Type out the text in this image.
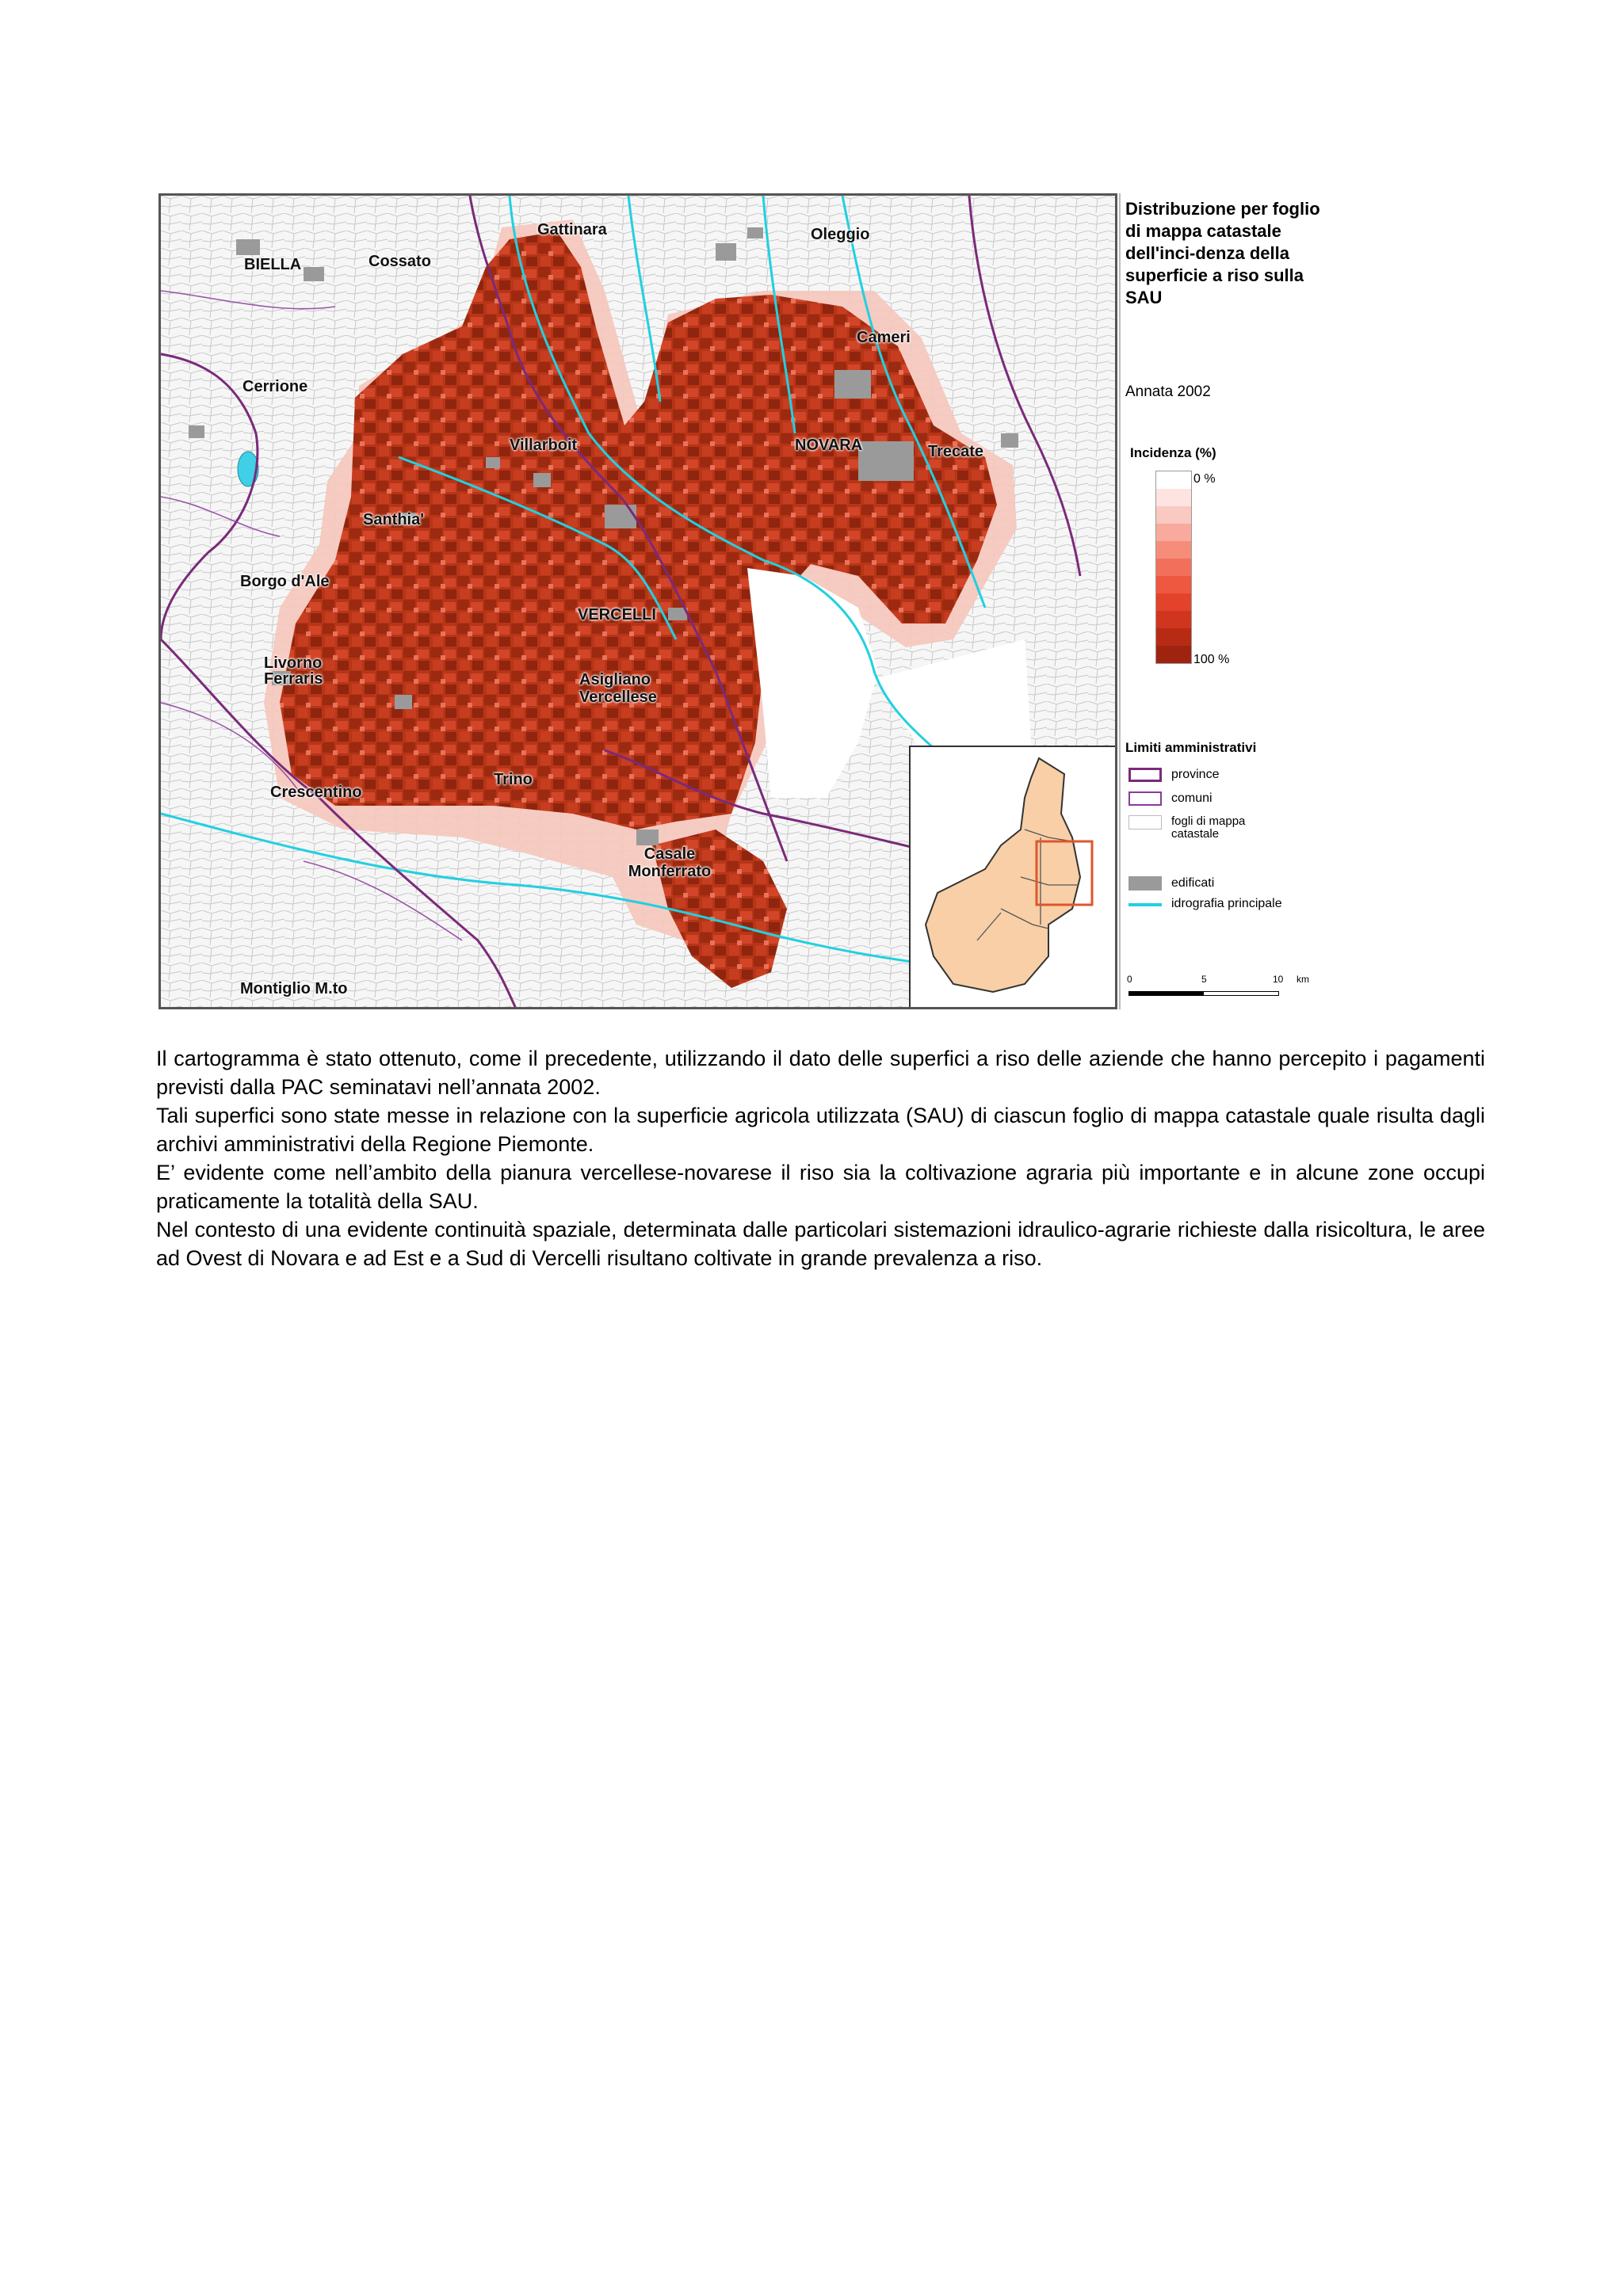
Gattinara	Oleggio
BIELLA	Cossato
Cameri
Cerrione
Villarboit	NOVARA	Trecate
Santhia'
Borgo d'Ale
VERCELLI
Livorno Ferraris	Asigliano Vercellese
Trino
Crescentino
Casale Monferrato
Montiglio M.to
Distribuzione per foglio di mappa catastale dell'inci-denza della superficie a riso sulla SAU
Annata 2002
Incidenza (%)
0 %
100 %
Limiti amministrativi
province
comuni
fogli di mappa catastale
edificati
idrografia principale
0	5	10 km

Il cartogramma è stato ottenuto, come il precedente, utilizzando il dato delle superfici a riso delle aziende che hanno percepito i pagamenti previsti dalla PAC seminatavi nell’annata 2002.

Tali superfici sono state messe in relazione con la superficie agricola utilizzata (SAU) di ciascun foglio di mappa catastale quale risulta dagli archivi amministrativi della Regione Piemonte.

E’ evidente come nell’ambito della pianura vercellese-novarese il riso sia la coltivazione agraria più importante e in alcune zone occupi praticamente la totalità della SAU.

Nel contesto di una evidente continuità spaziale, determinata dalle particolari sistemazioni idraulico-agrarie richieste dalla risicoltura, le aree ad Ovest di Novara e ad Est e a Sud di Vercelli risultano coltivate in grande prevalenza a riso.
